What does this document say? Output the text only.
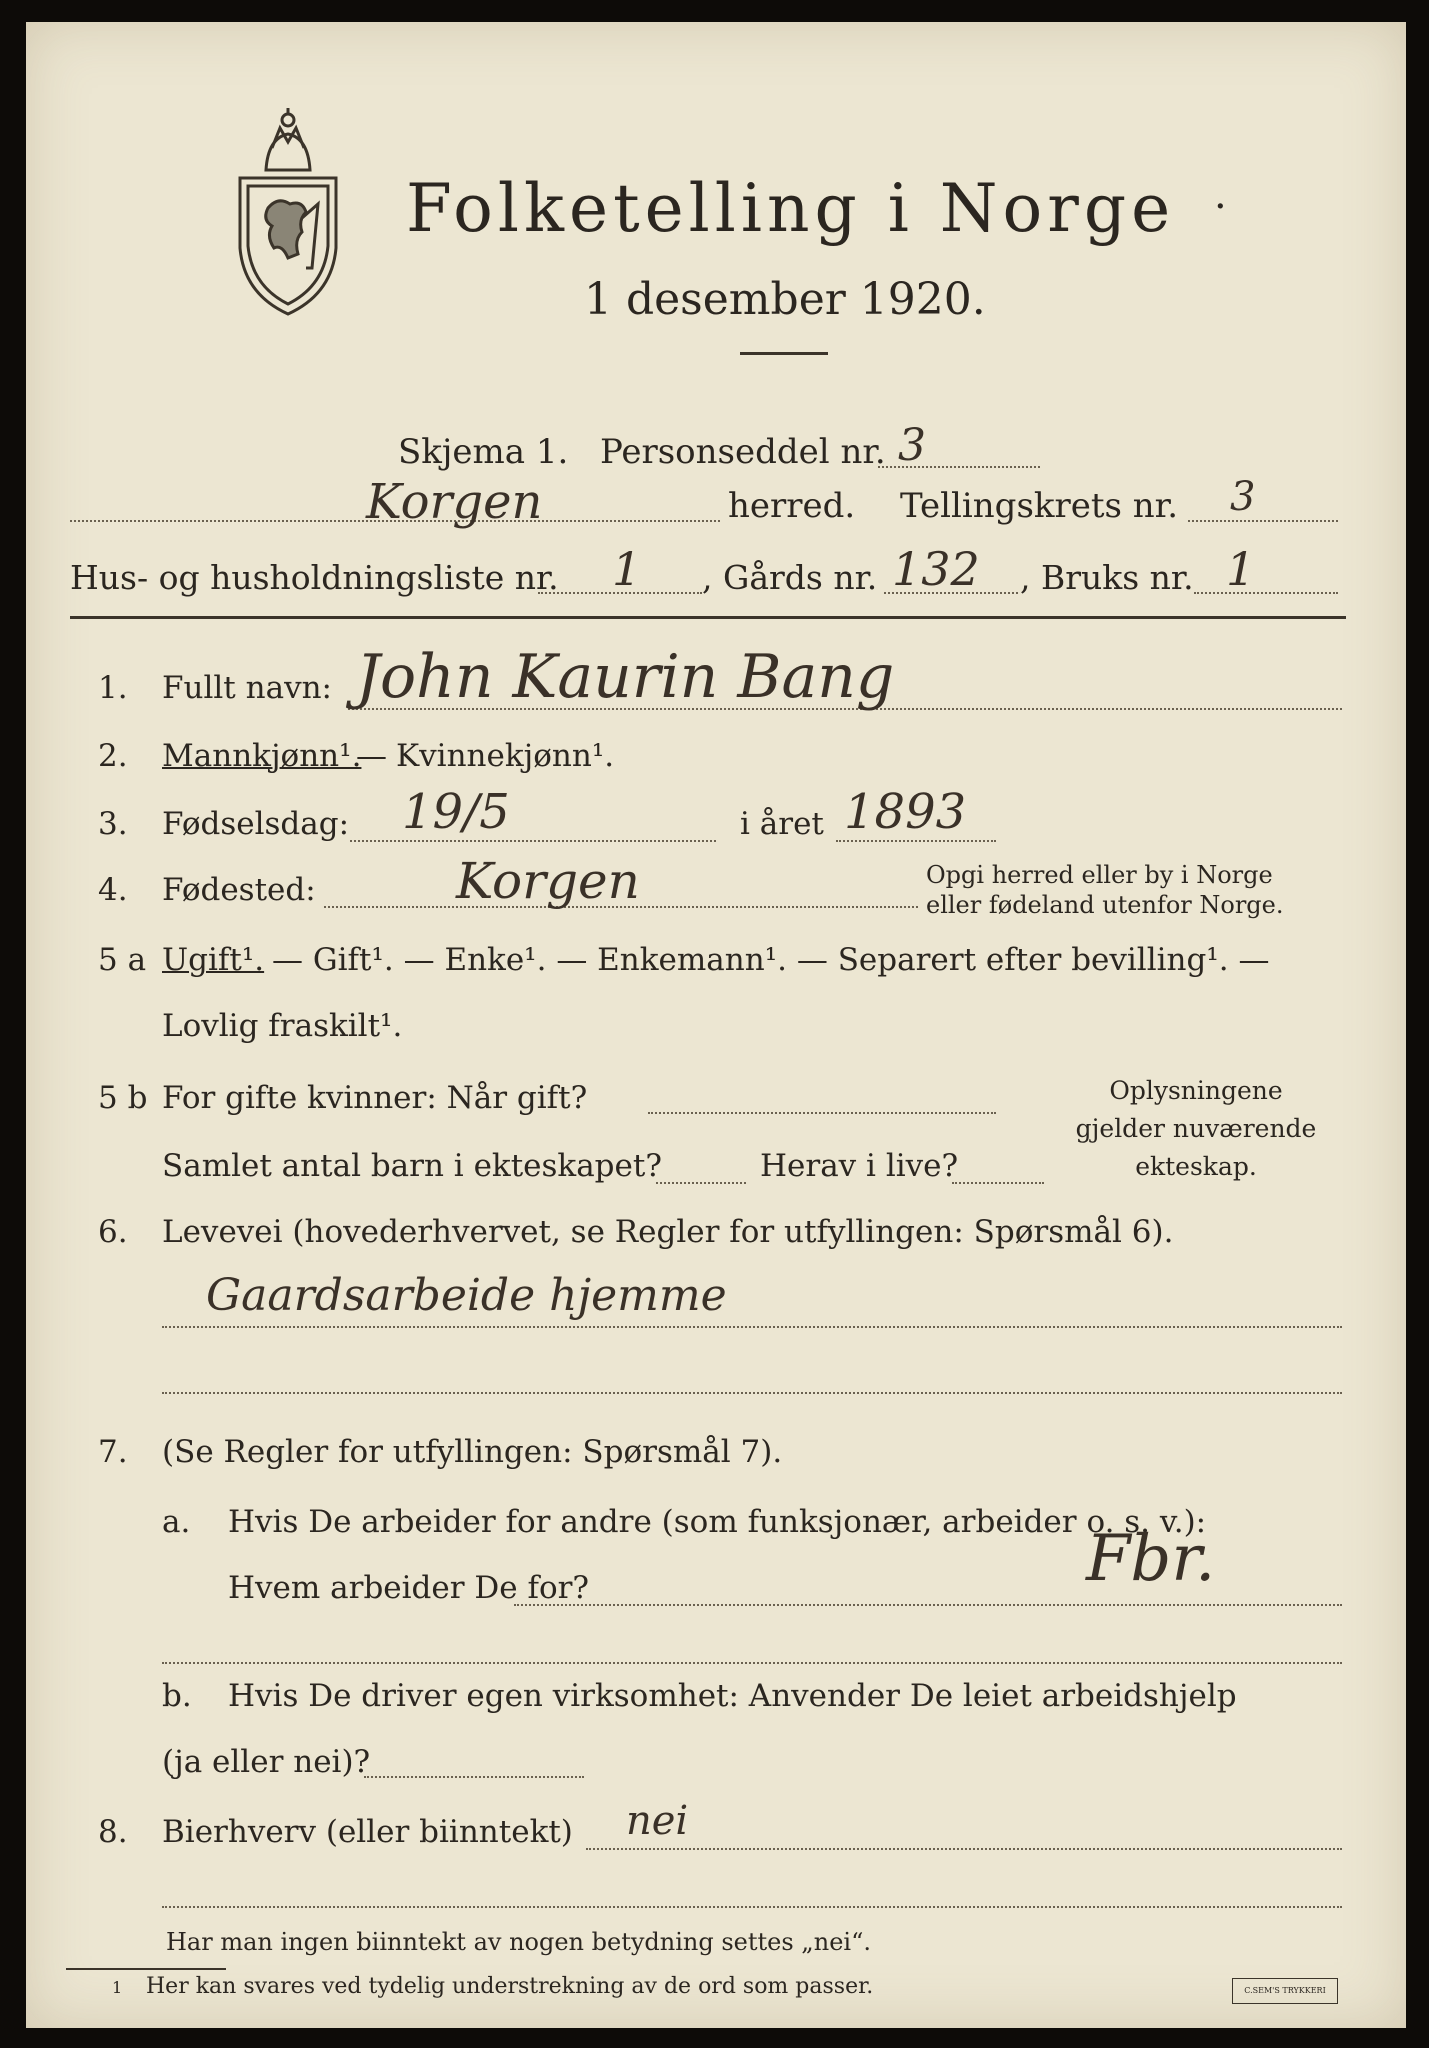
Folketelling i Norge ·
1 desember 1920.
Skjema 1. Personseddel nr. 3
Korgen	herred. Tellingskrets nr. 3
Hus- og husholdningsliste nr. 1 , Gårds nr. 132 , Bruks nr. 1
1. Fullt navn: John Kaurin Bang
2. Mannkjønn¹.
— Kvinnekjønn¹.
3. Fødselsdag: 19/5	i året 1893
4. Fødested:	Korgen	Opgi herred eller by i Norge
eller fødeland utenfor Norge.
5 a Ugift¹. — Gift¹. — Enke¹. — Enkemann¹. — Separert efter bevilling¹. —
Lovlig fraskilt¹.
5 b For gifte kvinner: Når gift?
Samlet antal barn i ekteskapet?	Herav i live?
Oplysningene
gjelder nuværende
ekteskap.
6. Levevei (hovederhvervet, se Regler for utfyllingen: Spørsmål 6).
Gaardsarbeide hjemme
7. (Se Regler for utfyllingen: Spørsmål 7).
a. Hvis De arbeider for andre (som funksjonær, arbeider o. s. v.):
Hvem arbeider De for?	Fbr.
b. Hvis De driver egen virksomhet: Anvender De leiet arbeidshjelp
(ja eller nei)?
8. Bierhverv (eller biinntekt) nei
Har man ingen biinntekt av nogen betydning settes „nei“.
1 Her kan svares ved tydelig understrekning av de ord som passer.	C.SEM'S TRYKKERI
